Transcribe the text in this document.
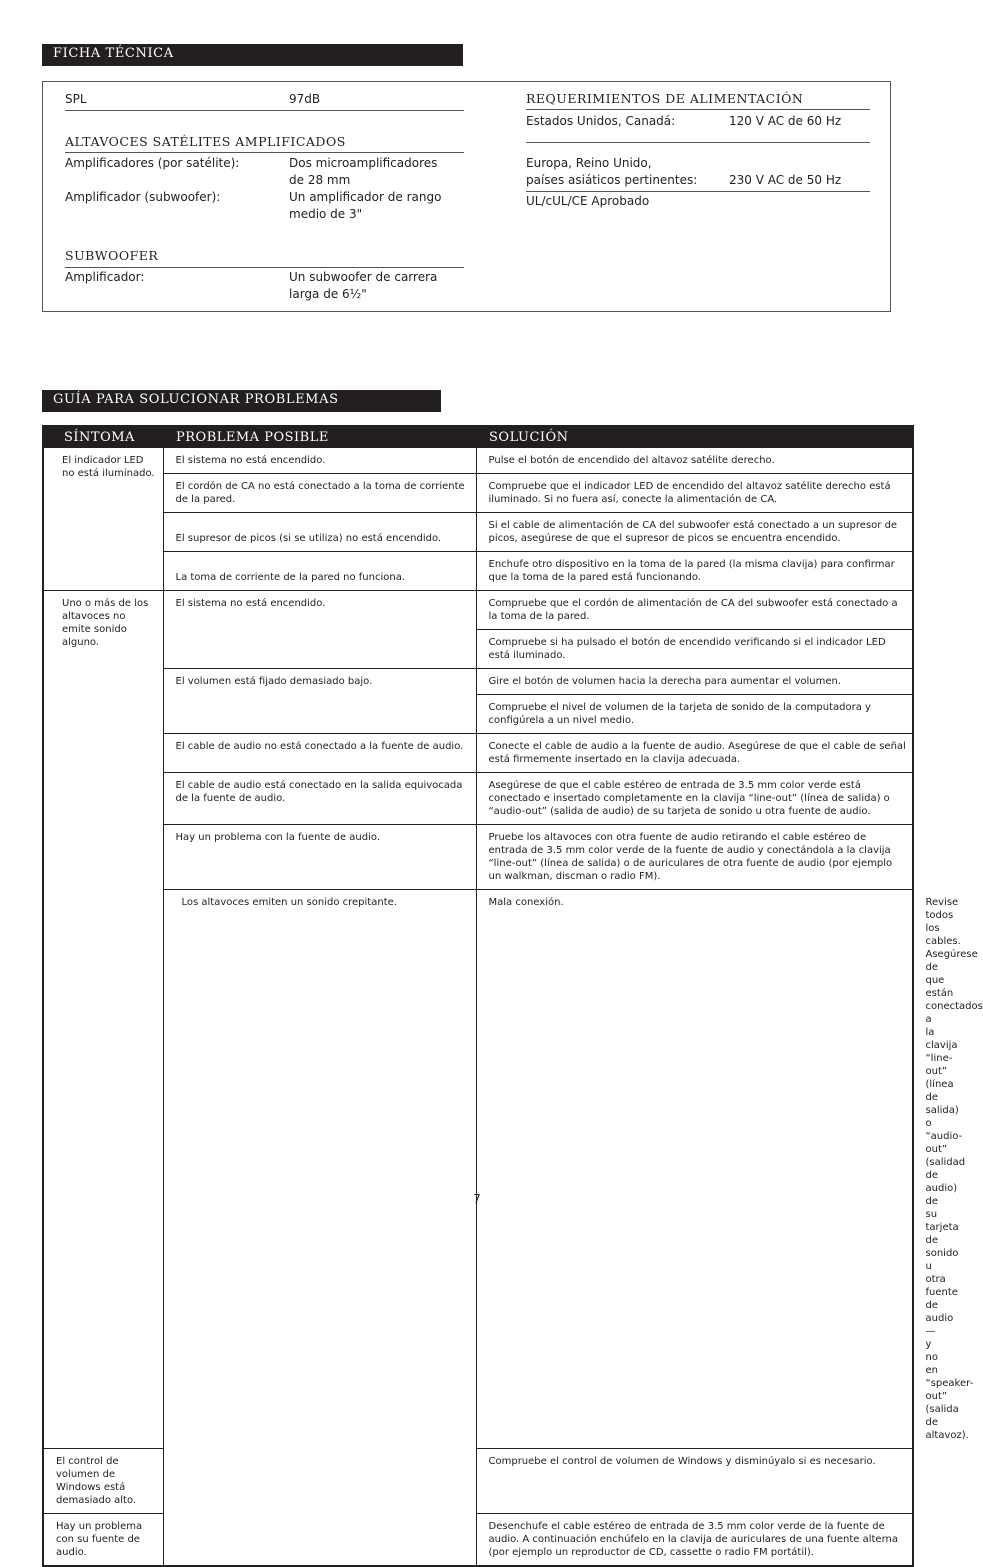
FICHA TÉCNICA
SPL	97dB
ALTAVOCES SATÉLITES AMPLIFICADOS
Amplificadores (por satélite):	Dos microamplificadores
de 28 mm
Amplificador (subwoofer):	Un amplificador de rango
medio de 3"
SUBWOOFER
Amplificador:	Un subwoofer de carrera
larga de 6½"
REQUERIMIENTOS DE ALIMENTACIÓN
Estados Unidos, Canadá:	120 V AC de 60 Hz
Europa, Reino Unido,
países asiáticos pertinentes:	230 V AC de 50 Hz
UL/cUL/CE Aprobado
GUÍA PARA SOLUCIONAR PROBLEMAS
SÍNTOMA	PROBLEMA POSIBLE	SOLUCIÓN	
El indicador LED no está iluminado.	El sistema no está encendido.	Pulse el botón de encendido del altavoz satélite derecho.	
	El cordón de CA no está conectado a la toma de corriente de la pared.	Compruebe que el indicador LED de encendido del altavoz satélite derecho está iluminado. Si no fuera así, conecte la alimentación de CA.	
	El supresor de picos (si se utiliza) no está encendido.	Si el cable de alimentación de CA del subwoofer está conectado a un supresor de picos, asegúrese de que el supresor de picos se encuentra encendido.	
	La toma de corriente de la pared no funciona.	Enchufe otro dispositivo en la toma de la pared (la misma clavija) para confirmar que la toma de la pared está funcionando.	
Uno o más de los altavoces no emite sonido alguno.	El sistema no está encendido.	Compruebe que el cordón de alimentación de CA del subwoofer está conectado a la toma de la pared.	
		Compruebe si ha pulsado el botón de encendido verificando si el indicador LED está iluminado.	
	El volumen está fijado demasiado bajo.	Gire el botón de volumen hacia la derecha para aumentar el volumen.	
		Compruebe el nivel de volumen de la tarjeta de sonido de la computadora y configúrela a un nivel medio.	
	El cable de audio no está conectado a la fuente de audio.	Conecte el cable de audio a la fuente de audio. Asegúrese de que el cable de señal está firmemente insertado en la clavija adecuada.	
	El cable de audio está conectado en la salida equivocada de la fuente de audio.	Asegúrese de que el cable estéreo de entrada de 3.5 mm color verde está conectado e insertado completamente en la clavija “line-out” (línea de salida) o “audio-out” (salida de audio) de su tarjeta de sonido u otra fuente de audio.	
	Hay un problema con la fuente de audio.	Pruebe los altavoces con otra fuente de audio retirando el cable estéreo de entrada de 3.5 mm color verde de la fuente de audio y conectándola a la clavija “line-out” (línea de salida) o de auriculares de otra fuente de audio (por ejemplo un walkman, discman o radio FM).	
	Los altavoces emiten un sonido crepitante.	Mala conexión.	Revise todos los cables. Asegúrese de que están conectados a la clavija “line-out” (línea de salida) o “audio-out” (salidad de audio) de su tarjeta de sonido u otra fuente de audio—y no en “speaker-out” (salida de altavoz).
El control de volumen de Windows está demasiado alto.		Compruebe el control de volumen de Windows y disminúyalo si es necesario.	
Hay un problema con su fuente de audio.		Desenchufe el cable estéreo de entrada de 3.5 mm color verde de la fuente de audio. A continuación enchúfelo en la clavija de auriculares de una fuente alterna (por ejemplo un reproductor de CD, cassette o radio FM portátil).	
7
